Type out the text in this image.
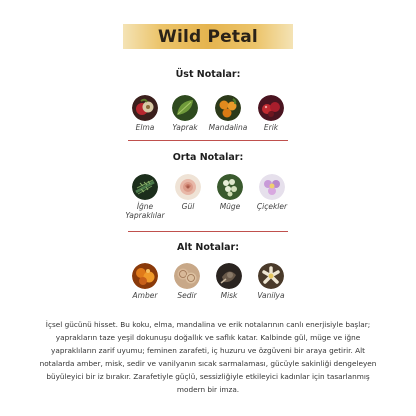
Wild Petal
Üst Notalar:
Elma	Yaprak	Mandalina	Erik
Orta Notalar:
İğne Yapraklılar
Gül	Müge	Çiçekler
Alt Notalar:
Amber	Sedir	Misk	Vanilya
İçsel gücünü hisset. Bu koku, elma, mandalina ve erik notalarının canlı enerjisiyle başlar; yaprakların taze yeşil dokunuşu doğallık ve saflık katar. Kalbinde gül, müge ve iğne yapraklıların zarif uyumu; feminen zarafeti, iç huzuru ve özgüveni bir araya getirir. Alt notalarda amber, misk, sedir ve vanilyanın sıcak sarmalaması, gücüyle sakinliği dengeleyen büyüleyici bir iz bırakır. Zarafetiyle güçlü, sessizliğiyle etkileyici kadınlar için tasarlanmış modern bir imza.
